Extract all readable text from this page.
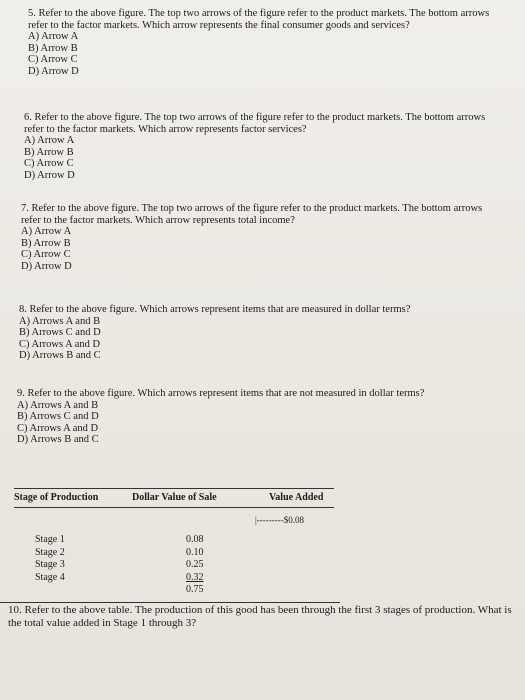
.

5. Refer to the above figure. The top two arrows of the figure refer to the product markets. The bottom arrows refer to the factor markets. Which arrow represents the final consumer goods and services?

A) Arrow A

B) Arrow B

C) Arrow C

D) Arrow D

6. Refer to the above figure. The top two arrows of the figure refer to the product markets. The bottom arrows refer to the factor markets. Which arrow represents factor services?

A) Arrow A

B) Arrow B

C) Arrow C

D) Arrow D

7. Refer to the above figure. The top two arrows of the figure refer to the product markets. The bottom arrows refer to the factor markets. Which arrow represents total income?

A) Arrow A

B) Arrow B

C) Arrow C

D) Arrow D

8. Refer to the above figure. Which arrows represent items that are measured in dollar terms?

A) Arrows A and B

B) Arrows C and D

C) Arrows A and D

D) Arrows B and C

9. Refer to the above figure. Which arrows represent items that are not measured in dollar terms?

A) Arrows A and B

B) Arrows C and D

C) Arrows A and D

D) Arrows B and C

Stage of Production	Dollar Value of Sale	Value Added
|---------$0.08
Stage 1
Stage 2
Stage 3
Stage 4
0.08
0.10
0.25
0.32
0.75
10. Refer to the above table. The production of this good has been through the first 3 stages of production. What is the total value added in Stage 1 through 3?
